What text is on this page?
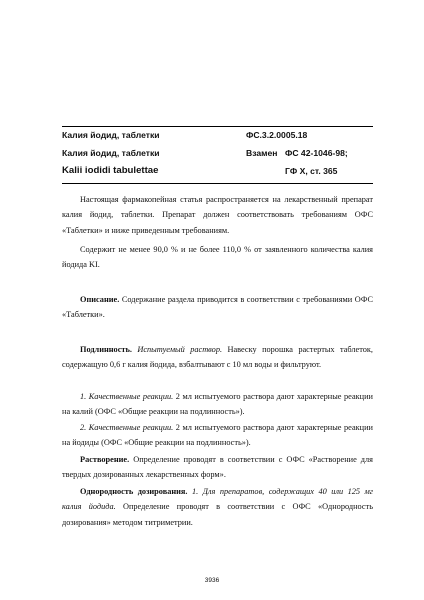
Калия йодид, таблетки	ФС.3.2.0005.18
Калия йодид, таблетки	Взамен ФС 42-1046-98;
Kalii iodidi tabulettae	ГФ X, ст. 365
Настоящая фармакопейная статья распространяется на лекарственный препарат калия йодид, таблетки. Препарат должен соответствовать требованиям ОФС «Таблетки» и ниже приведенным требованиям.
Содержит не менее 90,0 % и не более 110,0 % от заявленного количества калия йодида KI.
Описание. Содержание раздела приводится в соответствии с требованиями ОФС «Таблетки».
Подлинность. Испытуемый раствор. Навеску порошка растертых таблеток, содержащую 0,6 г калия йодида, взбалтывают с 10 мл воды и фильтруют.
1. Качественные реакции. 2 мл испытуемого раствора дают характерные реакции на калий (ОФС «Общие реакции на подлинность»).
2. Качественные реакции. 2 мл испытуемого раствора дают характерные реакции на йодиды (ОФС «Общие реакции на подлинность»).
Растворение. Определение проводят в соответствии с ОФС «Растворение для твердых дозированных лекарственных форм».
Однородность дозирования. 1. Для препаратов, содержащих 40 или 125 мг калия йодида. Определение проводят в соответствии с ОФС «Однородность дозирования» методом титриметрии.
3936
